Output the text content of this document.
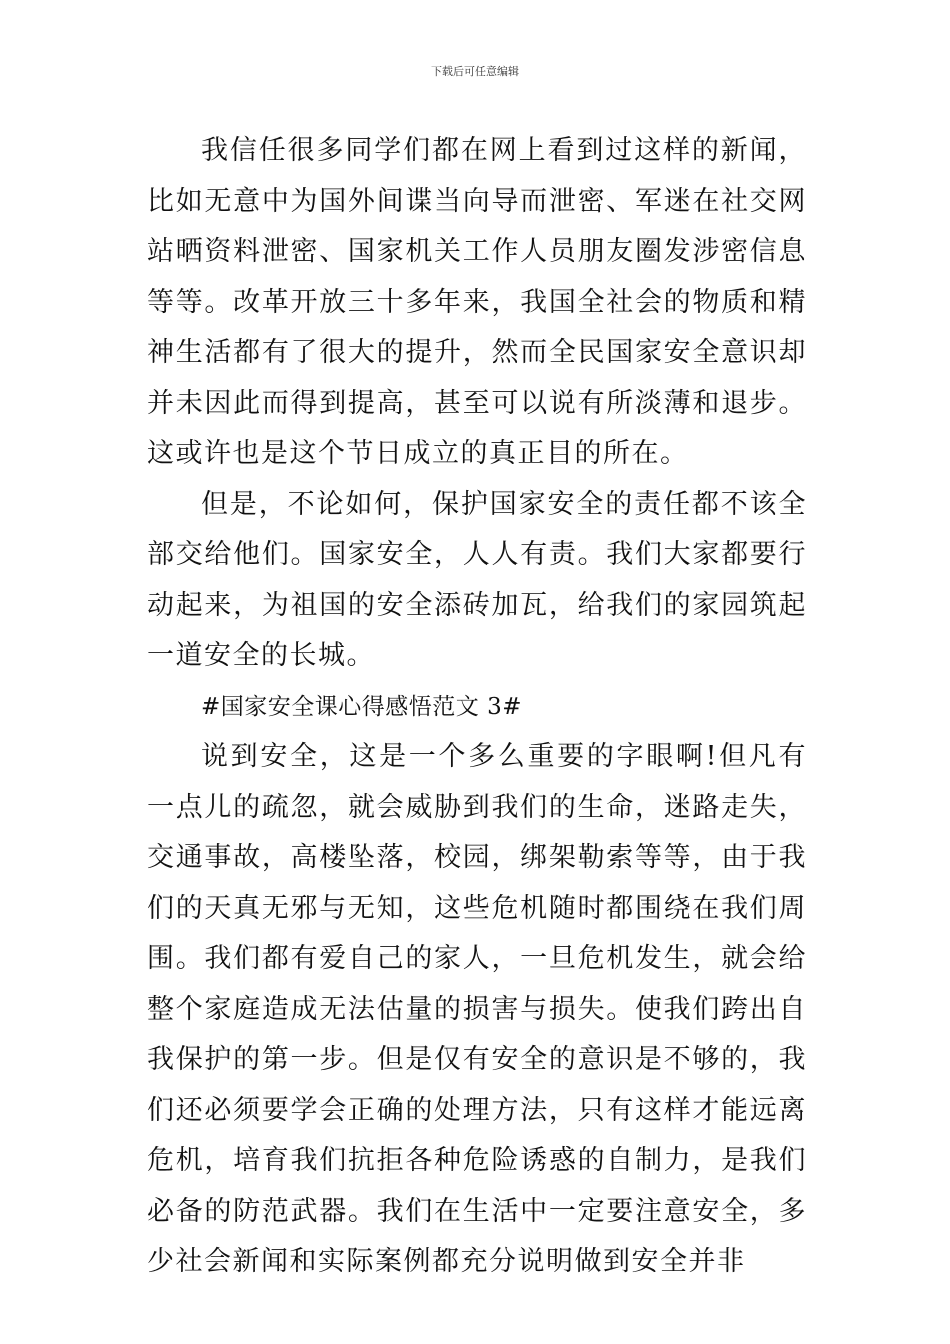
下载后可任意编辑

我信任很多同学们都在网上看到过这样的新闻，比如无意中为国外间谍当向导而泄密、军迷在社交网站晒资料泄密、国家机关工作人员朋友圈发涉密信息等等。改革开放三十多年来，我国全社会的物质和精神生活都有了很大的提升，然而全民国家安全意识却并未因此而得到提高，甚至可以说有所淡薄和退步。这或许也是这个节日成立的真正目的所在。

但是，不论如何，保护国家安全的责任都不该全部交给他们。国家安全，人人有责。我们大家都要行动起来，为祖国的安全添砖加瓦，给我们的家园筑起一道安全的长城。

#国家安全课心得感悟范文 3#

说到安全，这是一个多么重要的字眼啊!但凡有一点儿的疏忽，就会威胁到我们的生命，迷路走失，交通事故，高楼坠落，校园，绑架勒索等等，由于我们的天真无邪与无知，这些危机随时都围绕在我们周围。我们都有爱自己的家人，一旦危机发生，就会给整个家庭造成无法估量的损害与损失。使我们跨出自我保护的第一步。但是仅有安全的意识是不够的，我们还必须要学会正确的处理方法，只有这样才能远离危机，培育我们抗拒各种危险诱惑的自制力，是我们必备的防范武器。我们在生活中一定要注意安全，多少社会新闻和实际案例都充分说明做到安全并非
